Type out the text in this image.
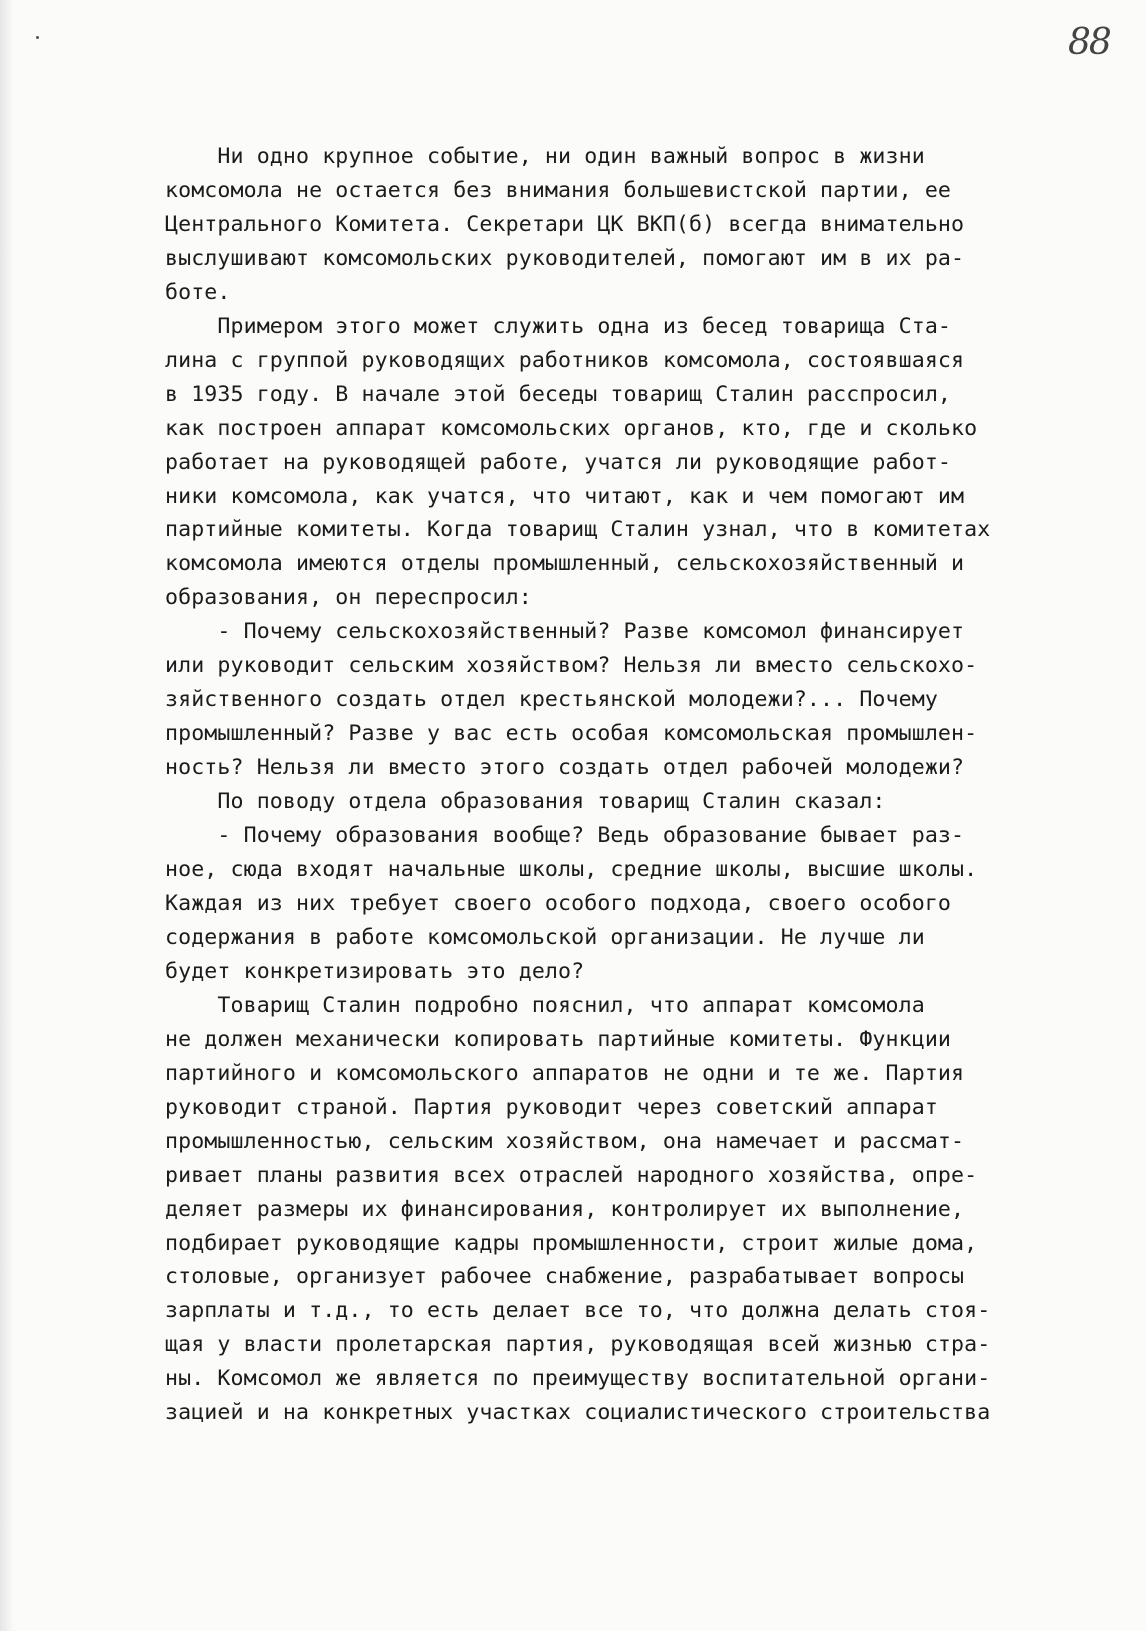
88
Ни одно крупное событие, ни один важный вопрос в жизни
комсомола не остается без внимания большевистской партии, ее
Центрального Комитета. Секретари ЦК ВКП(б) всегда внимательно
выслушивают комсомольских руководителей, помогают им в их ра-
боте.
Примером этого может служить одна из бесед товарища Ста-
лина с группой руководящих работников комсомола, состоявшаяся
в 1935 году. В начале этой беседы товарищ Сталин расспросил,
как построен аппарат комсомольских органов, кто, где и сколько
работает на руководящей работе, учатся ли руководящие работ-
ники комсомола, как учатся, что читают, как и чем помогают им
партийные комитеты. Когда товарищ Сталин узнал, что в комитетах
комсомола имеются отделы промышленный, сельскохозяйственный и
образования, он переспросил:
- Почему сельскохозяйственный? Разве комсомол финансирует
или руководит сельским хозяйством? Нельзя ли вместо сельскохо-
зяйственного создать отдел крестьянской молодежи?... Почему
промышленный? Разве у вас есть особая комсомольская промышлен-
ность? Нельзя ли вместо этого создать отдел рабочей молодежи?
По поводу отдела образования товарищ Сталин сказал:
- Почему образования вообще? Ведь образование бывает раз-
ное, сюда входят начальные школы, средние школы, высшие школы.
Каждая из них требует своего особого подхода, своего особого
содержания в работе комсомольской организации. Не лучше ли
будет конкретизировать это дело?
Товарищ Сталин подробно пояснил, что аппарат комсомола
не должен механически копировать партийные комитеты. Функции
партийного и комсомольского аппаратов не одни и те же. Партия
руководит страной. Партия руководит через советский аппарат
промышленностью, сельским хозяйством, она намечает и рассмат-
ривает планы развития всех отраслей народного хозяйства, опре-
деляет размеры их финансирования, контролирует их выполнение,
подбирает руководящие кадры промышленности, строит жилые дома,
столовые, организует рабочее снабжение, разрабатывает вопросы
зарплаты и т.д., то есть делает все то, что должна делать стоя-
щая у власти пролетарская партия, руководящая всей жизнью стра-
ны. Комсомол же является по преимуществу воспитательной органи-
зацией и на конкретных участках социалистического строительства
